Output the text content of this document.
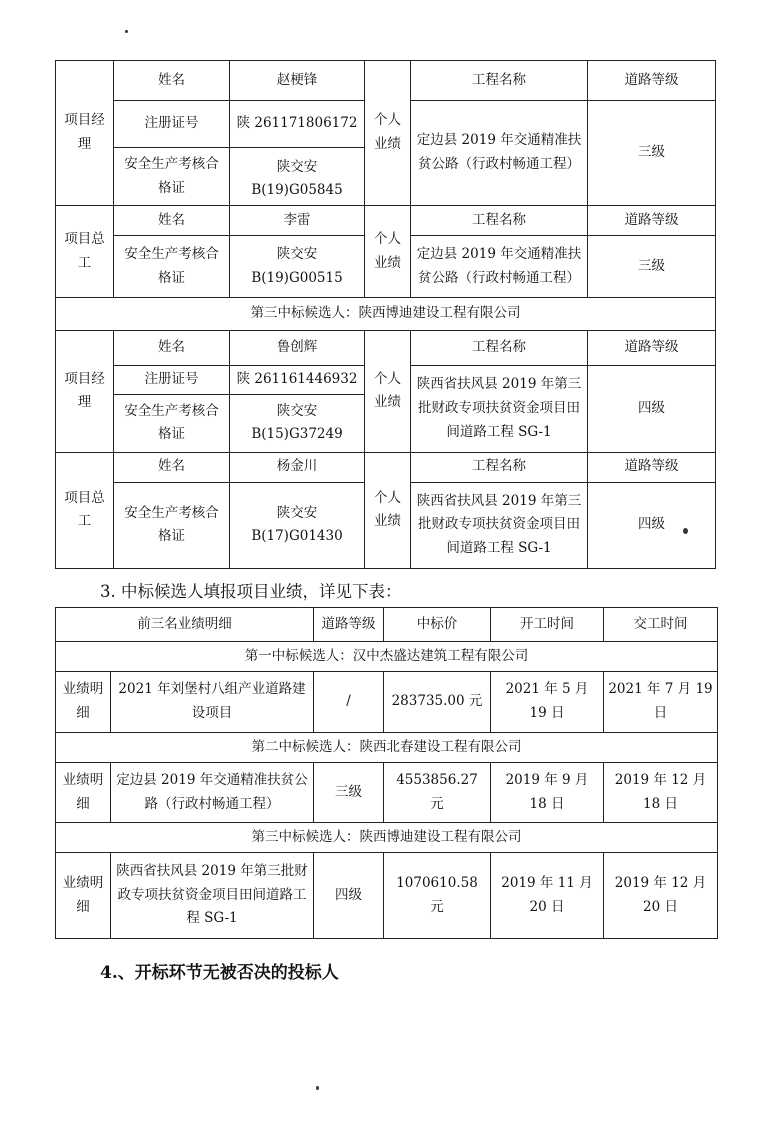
项目经理	姓名	赵梗锋	个人业绩	工程名称	道路等级
	注册证号	陕 261171806172		定边县 2019 年交通精准扶贫公路（行政村畅通工程）	三级
	安全生产考核合格证	陕交安 B(19)G05845			
项目总工	姓名	李雷	个人业绩	工程名称	道路等级
	安全生产考核合格证	陕交安 B(19)G00515		定边县 2019 年交通精准扶贫公路（行政村畅通工程）	三级
第三中标候选人：陕西博迪建设工程有限公司					
项目经理	姓名	鲁创辉	个人业绩	工程名称	道路等级
	注册证号	陕 261161446932		陕西省扶风县 2019 年第三批财政专项扶贫资金项目田间道路工程 SG-1	四级
	安全生产考核合格证	陕交安 B(15)G37249			
项目总工	姓名	杨金川	个人业绩	工程名称	道路等级
	安全生产考核合格证	陕交安 B(17)G01430		陕西省扶风县 2019 年第三批财政专项扶贫资金项目田间道路工程 SG-1	四级
3. 中标候选人填报项目业绩，详见下表：
前三名业绩明细		道路等级	中标价	开工时间	交工时间
第一中标候选人：汉中杰盛达建筑工程有限公司					
业绩明细	2021 年刘堡村八组产业道路建设项目	/	283735.00 元	2021 年 5 月 19 日	2021 年 7 月 19 日
第二中标候选人：陕西北春建设工程有限公司					
业绩明细	定边县 2019 年交通精准扶贫公路（行政村畅通工程）	三级	4553856.27 元	2019 年 9 月 18 日	2019 年 12 月 18 日
第三中标候选人：陕西博迪建设工程有限公司					
业绩明细	陕西省扶风县 2019 年第三批财政专项扶贫资金项目田间道路工程 SG-1	四级	1070610.58 元	2019 年 11 月 20 日	2019 年 12 月 20 日
4.、开标环节无被否决的投标人
